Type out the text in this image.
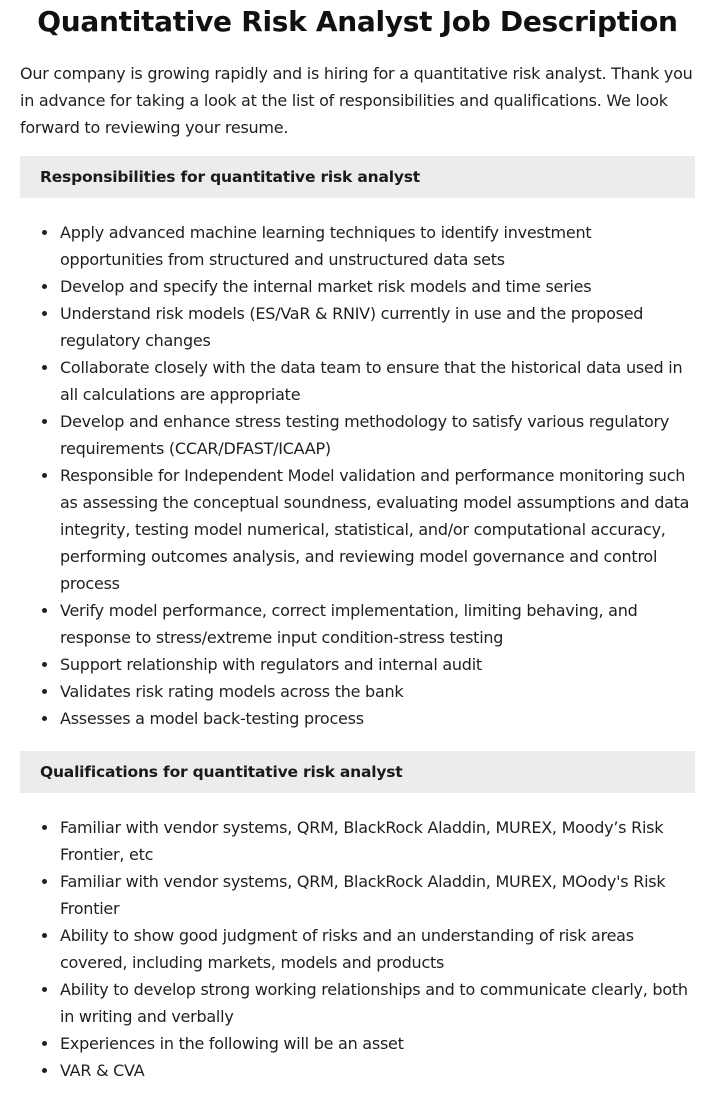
Quantitative Risk Analyst Job Description

Our company is growing rapidly and is hiring for a quantitative risk analyst. Thank you in advance for taking a look at the list of responsibilities and qualifications. We look forward to reviewing your resume.

Responsibilities for quantitative risk analyst
Apply advanced machine learning techniques to identify investment opportunities from structured and unstructured data sets
Develop and specify the internal market risk models and time series
Understand risk models (ES/VaR & RNIV) currently in use and the proposed regulatory changes
Collaborate closely with the data team to ensure that the historical data used in all calculations are appropriate
Develop and enhance stress testing methodology to satisfy various regulatory requirements (CCAR/DFAST/ICAAP)
Responsible for Independent Model validation and performance monitoring such as assessing the conceptual soundness, evaluating model assumptions and data integrity, testing model numerical, statistical, and/or computational accuracy, performing outcomes analysis, and reviewing model governance and control process
Verify model performance, correct implementation, limiting behaving, and response to stress/extreme input condition-stress testing
Support relationship with regulators and internal audit
Validates risk rating models across the bank
Assesses a model back-testing process
Qualifications for quantitative risk analyst
Familiar with vendor systems, QRM, BlackRock Aladdin, MUREX, Moody’s Risk Frontier, etc
Familiar with vendor systems, QRM, BlackRock Aladdin, MUREX, MOody's Risk Frontier
Ability to show good judgment of risks and an understanding of risk areas covered, including markets, models and products
Ability to develop strong working relationships and to communicate clearly, both in writing and verbally
Experiences in the following will be an asset
VAR & CVA
